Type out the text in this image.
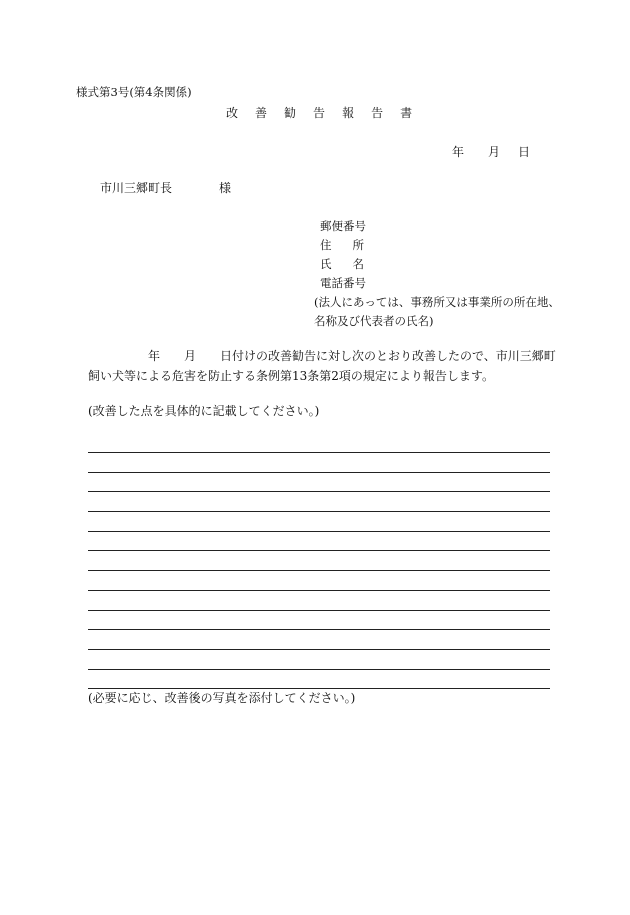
様式第3号(第4条関係)
改 善 勧 告 報 告 書
年 月 日
市川三郷町長	様
郵便番号
住 所
氏 名
電話番号
(法人にあっては、事務所又は事業所の所在地、名称及び代表者の氏名)
年 月 日付けの改善勧告に対し次のとおり改善したので、市川三郷町飼い犬等による危害を防止する条例第13条第2項の規定により報告します。
(改善した点を具体的に記載してください。)
(必要に応じ、改善後の写真を添付してください。)
